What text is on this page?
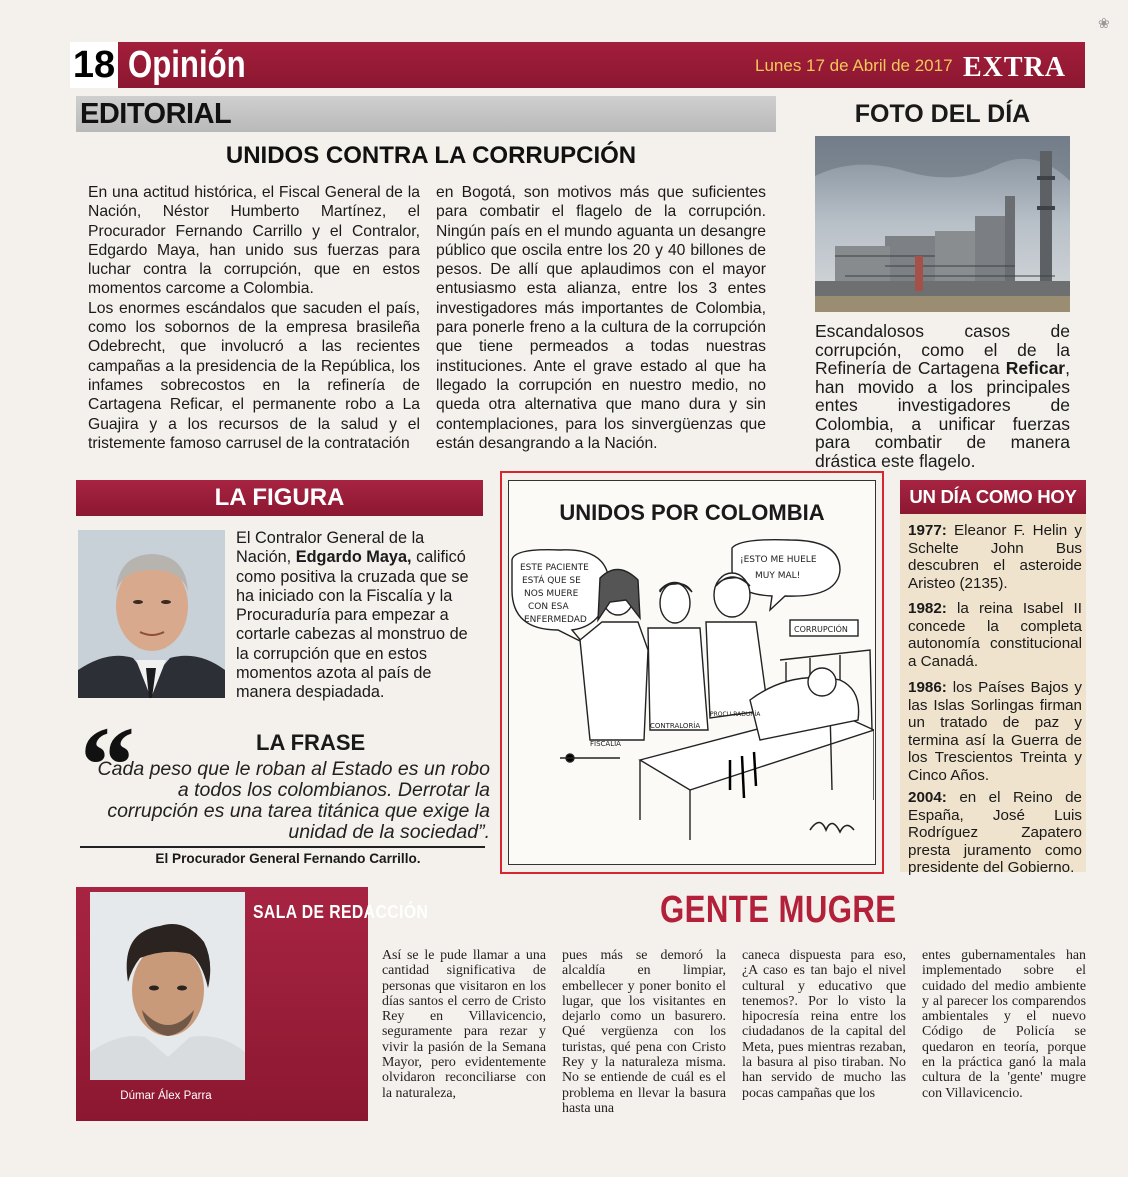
18 Opinión	Lunes 17 de Abril de 2017 EXTRA
❀
EDITORIAL
UNIDOS CONTRA LA CORRUPCIÓN
En una actitud histórica, el Fiscal General de la Nación, Néstor Humberto Martínez, el Procurador Fernando Carrillo y el Contralor, Edgardo Maya, han unido sus fuerzas para luchar contra la corrupción, que en estos momentos carcome a Colombia.
Los enormes escándalos que sacuden el país, como los sobornos de la empresa brasileña Odebrecht, que involucró a las recientes campañas a la presidencia de la República, los infames sobrecostos en la refinería de Cartagena Reficar, el permanente robo a La Guajira y a los recursos de la salud y el tristemente famoso carrusel de la contratación
en Bogotá, son motivos más que suficientes para combatir el flagelo de la corrupción. Ningún país en el mundo aguanta un desangre público que oscila entre los 20 y 40 billones de pesos. De allí que aplaudimos con el mayor entusiasmo esta alianza, entre los 3 entes investigadores más importantes de Colombia, para ponerle freno a la cultura de la corrupción que tiene permeados a todas nuestras instituciones. Ante el grave estado al que ha llegado la corrupción en nuestro medio, no queda otra alternativa que mano dura y sin contemplaciones, para los sinvergüenzas que están desangrando a la Nación.
FOTO DEL DÍA
Escandalosos casos de corrupción, como el de la Refinería de Cartagena Reficar, han movido a los principales entes investigadores de Colombia, a unificar fuerzas para combatir de manera drástica este flagelo.
LA FIGURA
El Contralor General de la Nación, Edgardo Maya, calificó como positiva la cruzada que se ha iniciado con la Fiscalía y la Procuraduría para empezar a cortarle cabezas al monstruo de la corrupción que en estos momentos azota al país de manera despiadada.
“	LA FRASE
Cada peso que le roban al Estado es un robo a todos los colombianos. Derrotar la corrupción es una tarea titánica que exige la unidad de la sociedad”.
El Procurador General Fernando Carrillo.
UNIDOS POR COLOMBIA
ESTE PACIENTE
ESTÁ QUE SE
NOS MUERE
CON ESA
ENFERMEDAD
¡ESTO ME HUELE
MUY MAL!
CORRUPCIÓN
FISCALÍA
CONTRALORÍA
PROCU-RADURÍA
UN DÍA COMO HOY
1977: Eleanor F. Helin y Schelte John Bus descubren el asteroide Aristeo (2135).
1982: la reina Isabel II concede la completa autonomía constitucional a Canadá.
1986: los Países Bajos y las Islas Sorlingas firman un tratado de paz y termina así la Guerra de los Trescientos Treinta y Cinco Años.
2004: en el Reino de España, José Luis Rodríguez Zapatero presta juramento como presidente del Gobierno.
SALA DE REDACCIÓN
Dúmar Álex Parra
GENTE MUGRE
Así se le pude llamar a una cantidad significativa de personas que visitaron en los días santos el cerro de Cristo Rey en Villavicencio, seguramente para rezar y vivir la pasión de la Semana Mayor, pero evidentemente olvidaron reconciliarse con la naturaleza,
pues más se demoró la alcaldía en limpiar, embellecer y poner bonito el lugar, que los visitantes en dejarlo como un basurero. Qué vergüenza con los turistas, qué pena con Cristo Rey y la naturaleza misma. No se entiende de cuál es el problema en llevar la basura hasta una
caneca dispuesta para eso, ¿A caso es tan bajo el nivel cultural y educativo que tenemos?. Por lo visto la hipocresía reina entre los ciudadanos de la capital del Meta, pues mientras rezaban, la basura al piso tiraban. No han servido de mucho las pocas campañas que los
entes gubernamentales han implementado sobre el cuidado del medio ambiente y al parecer los comparendos ambientales y el nuevo Código de Policía se quedaron en teoría, porque en la práctica ganó la mala cultura de la 'gente' mugre con Villavicencio.
